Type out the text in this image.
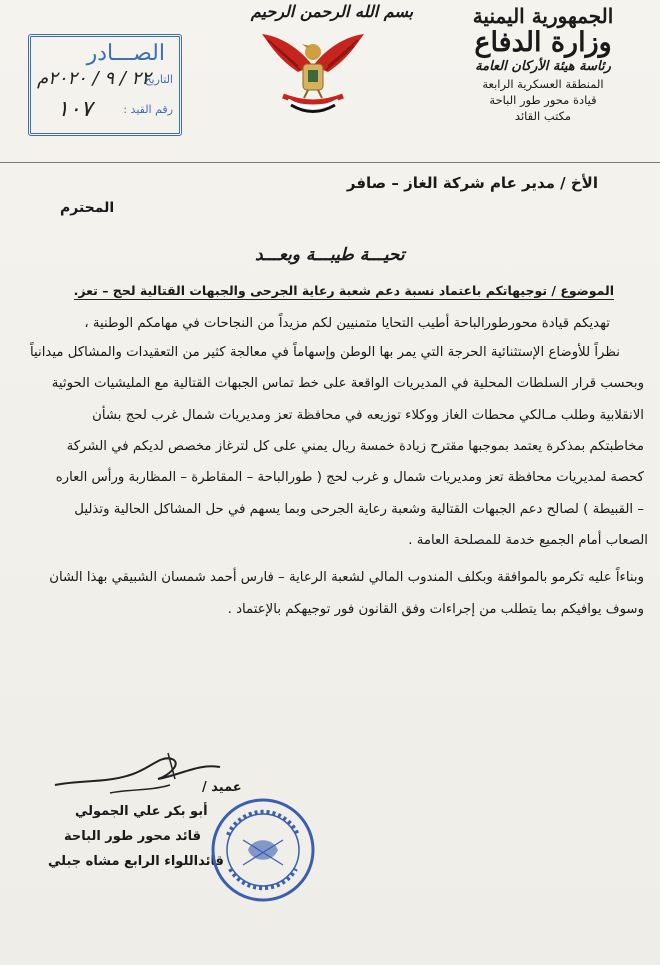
الجمهورية اليمنية
وزارة الدفاع
رئاسة هيئة الأركان العامة
المنطقة العسكرية الرابعة
قيادة محور طور الباحة
مكتب القائد
بسم الله الرحمن الرحيم
الصـــادر
التاريخ
٢٢ / ٩ / ٢٠٢٠م
رقم القيد :
١٠٧
الأخ / مدير عام شركة الغاز – صافر
المحترم
تحيـــة طيبـــة وبعـــد
الموضوع / توجيهاتكم باعتماد نسبة دعم شعبة رعاية الجرحى والجبهات القتالية لحج – تعز.
تهديكم قيادة محورطورالباحة أطيب التحايا متمنيين لكم مزيداً من النجاحات في مهامكم الوطنية ،
نظراً للأوضاع الإستثنائية الحرجة التي يمر بها الوطن وإسهاماً في معالجة كثير من التعقيدات والمشاكل ميدانياً
وبحسب قرار السلطات المحلية في المديريات الواقعة على خط تماس الجبهات القتالية مع المليشيات الحوثية
الانقلابية وطلب مـالكي محطات الغاز ووكلاء توزيعه في محافظة تعز ومديريات شمال غرب لحج بشأن
مخاطبتكم بمذكرة يعتمد بموجبها مقترح زيادة خمسة ريال يمني على كل لترغاز مخصص لديكم في الشركة
كحصة لمديريات محافظة تعز ومديريات شمال و غرب لحج ( طورالباحة – المقاطرة – المظاربة ورأس العاره
– القبيطة ) لصالح دعم الجبهات القتالية وشعبة رعاية الجرحى وبما يسهم في حل المشاكل الحالية وتذليل
الصعاب أمام الجميع خدمة للمصلحة العامة .
وبناءاً عليه تكرمو بالموافقة وبكلف المندوب المالي لشعبة الرعاية – فارس أحمد شمسان الشبيقي بهذا الشان
وسوف يوافيكم بما يتطلب من إجراءات وفق القانون فور توجيهكم بالإعتماد .
عميد /
أبو بكر علي الجمولي
قائد محور طور الباحة
قائداللواء الرابع مشاه جبلي
